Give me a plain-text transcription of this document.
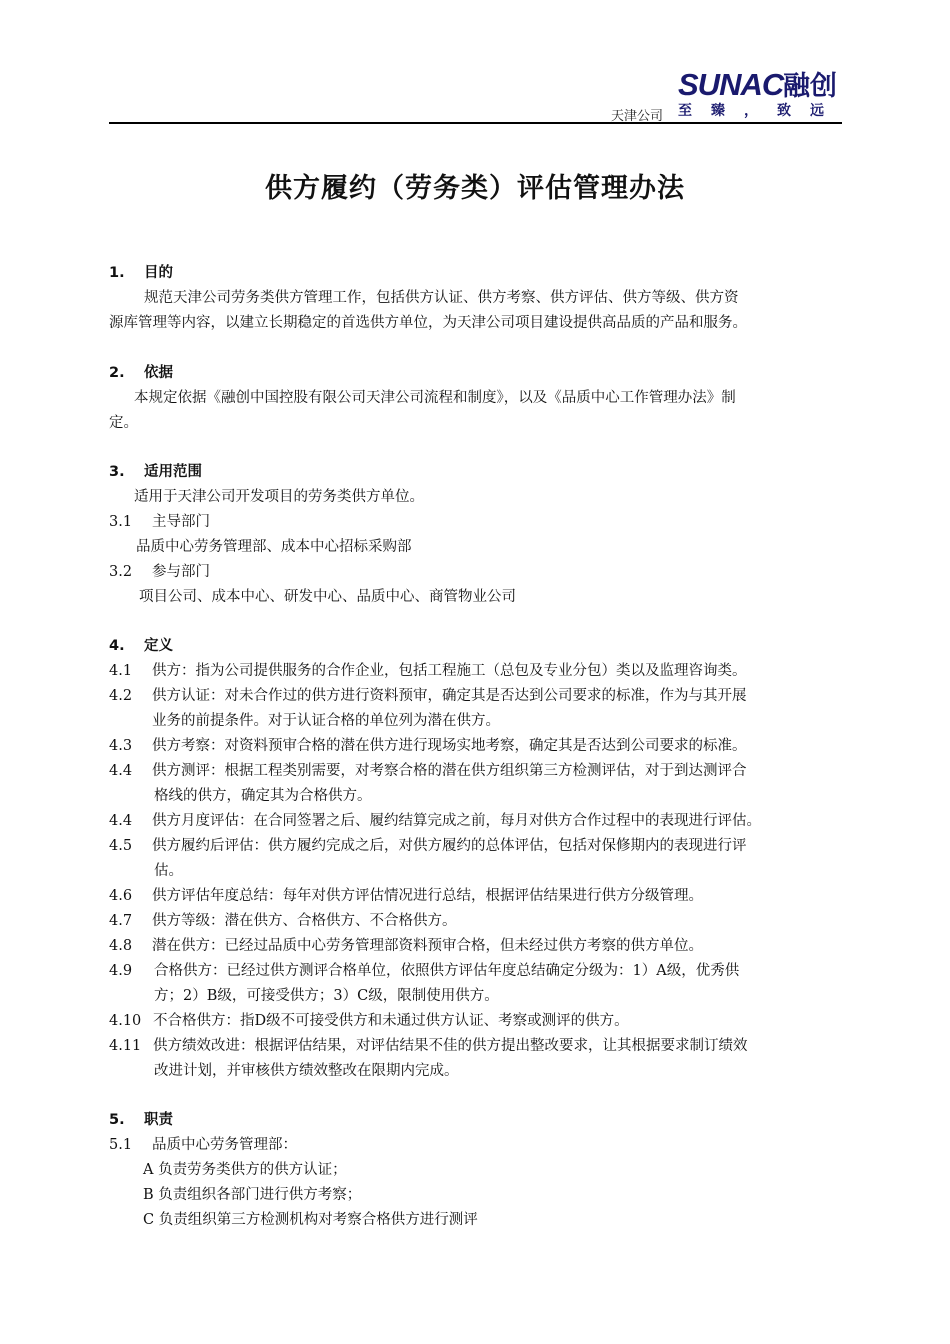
天津公司
SUNAC 融创
至臻，致远
供方履约（劳务类）评估管理办法
1. 目的
规范天津公司劳务类供方管理工作，包括供方认证、供方考察、供方评估、供方等级、供方资
源库管理等内容，以建立长期稳定的首选供方单位，为天津公司项目建设提供高品质的产品和服务。
2. 依据
本规定依据《融创中国控股有限公司天津公司流程和制度》，以及《品质中心工作管理办法》制
定。
3. 适用范围
适用于天津公司开发项目的劳务类供方单位。
3.1 主导部门
品质中心劳务管理部、成本中心招标采购部
3.2 参与部门
项目公司、成本中心、研发中心、品质中心、商管物业公司
4. 定义
4.1 供方：指为公司提供服务的合作企业，包括工程施工（总包及专业分包）类以及监理咨询类。
4.2 供方认证：对未合作过的供方进行资料预审，确定其是否达到公司要求的标准，作为与其开展
业务的前提条件。对于认证合格的单位列为潜在供方。
4.3 供方考察：对资料预审合格的潜在供方进行现场实地考察，确定其是否达到公司要求的标准。
4.4 供方测评：根据工程类别需要，对考察合格的潜在供方组织第三方检测评估，对于到达测评合
格线的供方，确定其为合格供方。
4.4 供方月度评估：在合同签署之后、履约结算完成之前，每月对供方合作过程中的表现进行评估。
4.5 供方履约后评估：供方履约完成之后，对供方履约的总体评估，包括对保修期内的表现进行评
估。
4.6 供方评估年度总结：每年对供方评估情况进行总结，根据评估结果进行供方分级管理。
4.7 供方等级：潜在供方、合格供方、不合格供方。
4.8 潜在供方：已经过品质中心劳务管理部资料预审合格，但未经过供方考察的供方单位。
4.9 合格供方：已经过供方测评合格单位，依照供方评估年度总结确定分级为：1）A级，优秀供
方；2）B级，可接受供方；3）C级，限制使用供方。
4.10 不合格供方：指D级不可接受供方和未通过供方认证、考察或测评的供方。
4.11 供方绩效改进：根据评估结果，对评估结果不佳的供方提出整改要求，让其根据要求制订绩效
改进计划，并审核供方绩效整改在限期内完成。
5. 职责
5.1 品质中心劳务管理部：
A 负责劳务类供方的供方认证；
B 负责组织各部门进行供方考察；
C 负责组织第三方检测机构对考察合格供方进行测评
